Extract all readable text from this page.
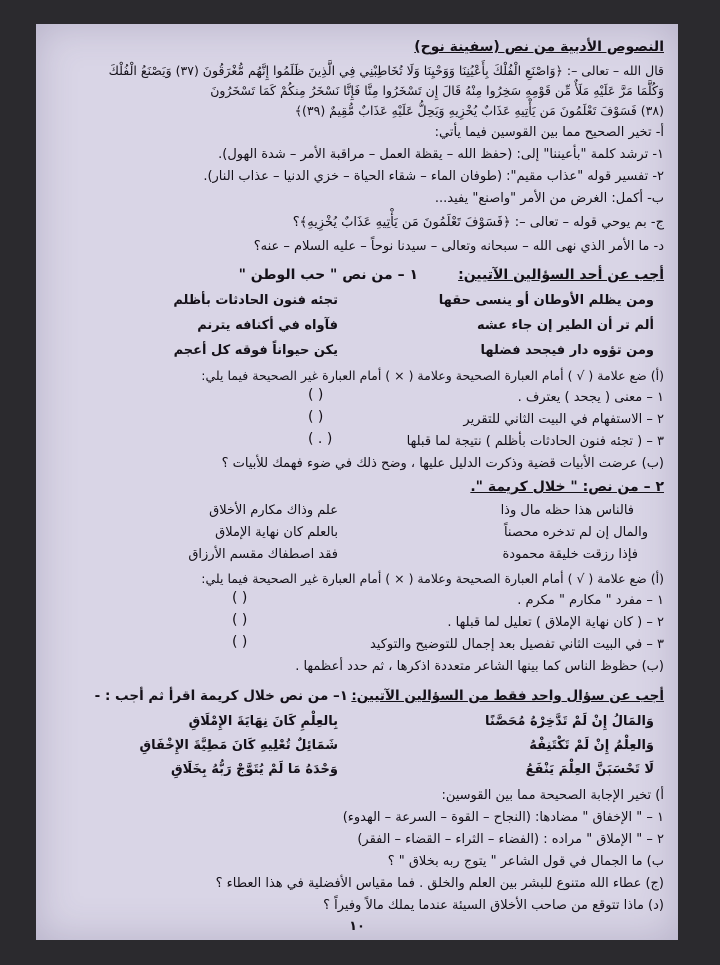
النصوص الأدبية من نص (سفينة نوح)
قال الله – تعالى –: ﴿وَاصْنَعِ الْفُلْكَ بِأَعْيُنِنَا وَوَحْيِنَا وَلَا تُخَاطِبْنِي فِي الَّذِينَ ظَلَمُوا إِنَّهُم مُّغْرَقُونَ (٣٧) وَيَصْنَعُ الْفُلْكَ
وَكُلَّمَا مَرَّ عَلَيْهِ مَلَأٌ مِّن قَوْمِهِ سَخِرُوا مِنْهُ قَالَ إِن تَسْخَرُوا مِنَّا فَإِنَّا نَسْخَرُ مِنكُمْ كَمَا تَسْخَرُونَ
(٣٨) فَسَوْفَ تَعْلَمُونَ مَن يَأْتِيهِ عَذَابٌ يُخْزِيهِ وَيَحِلُّ عَلَيْهِ عَذَابٌ مُّقِيمٌ (٣٩)﴾
أ- تخير الصحيح مما بين القوسين فيما يأتي:
١- ترشد كلمة "بأعيننا" إلى: (حفظ الله – يقظة العمل – مراقبة الأمر – شدة الهول).
٢- تفسير قوله "عذاب مقيم": (طوفان الماء – شقاء الحياة – خزي الدنيا – عذاب النار).
ب- أكمل: الغرض من الأمر "واصنع" يفيد...
ج- بم يوحي قوله – تعالى –: ﴿فَسَوْفَ تَعْلَمُونَ مَن يَأْتِيهِ عَذَابٌ يُخْزِيهِ﴾؟
د- ما الأمر الذي نهى الله – سبحانه وتعالى – سيدنا نوحاً – عليه السلام – عنه؟
أجب عن أحد السؤالين الآتيين:
١ – من نص " حب الوطن "
ومن يظلم الأوطان أو ينسى حقها
تجئه فنون الحادثات بأظلم
ألم تر أن الطير إن جاء عشه
فآواه في أكنافه يترنم
ومن تؤوه دار فيجحد فضلها
يكن حيواناً فوقه كل أعجم
(أ) ضع علامة ( √ ) أمام العبارة الصحيحة وعلامة ( × ) أمام العبارة غير الصحيحة فيما يلي:
١ – معنى ( يجحد ) يعترف .
( )
٢ – الاستفهام في البيت الثاني للتقرير
( )
٣ – ( تجئه فنون الحادثات بأظلم ) نتيجة لما قبلها
( . )
(ب) عرضت الأبيات قضية وذكرت الدليل عليها ، وضح ذلك في ضوء فهمك للأبيات ؟
٢ – من نص: " خلال كريمة ".
فالناس هذا حظه مال وذا
علم وذاك مكارم الأخلاق
والمال إن لم تدخره محصناً
بالعلم كان نهاية الإملاق
فإذا رزقت خليقة محمودة
فقد اصطفاك مقسم الأرزاق
(أ) ضع علامة ( √ ) أمام العبارة الصحيحة وعلامة ( × ) أمام العبارة غير الصحيحة فيما يلي:
١ – مفرد " مكارم " مكرم .
( )
٢ – ( كان نهاية الإملاق ) تعليل لما قبلها .
( )
٣ – في البيت الثاني تفصيل بعد إجمال للتوضيح والتوكيد
( )
(ب) حظوظ الناس كما بينها الشاعر متعددة اذكرها ، ثم حدد أعظمها .
أجب عن سؤال واحد فقط من السؤالين الآتيين:
١– من نص خلال كريمة اقرأ ثم أجب : -
وَالمَالُ إِنْ لَمْ تَدَّخِرْهُ مُحَصَّنًا
بِالعِلْمِ كَانَ نِهَايَةَ الإِمْلَاقِ
وَالعِلْمُ إِنْ لَمْ تَكْتَنِفْهُ
شَمَائِلٌ تُعْلِيهِ كَانَ مَطِيَّةَ الإِخْفَاقِ
لَا تَحْسَبَنَّ العِلْمَ يَنْفَعُ
وَحْدَهُ مَا لَمْ يُتَوَّجْ رَبُّهُ بِخَلَاقِ
أ) تخير الإجابة الصحيحة مما بين القوسين:
١ – " الإخفاق " مضادها: (النجاح – القوة – السرعة – الهدوء)
٢ – " الإملاق " مراده : (الفضاء – الثراء – القضاء – الفقر)
ب) ما الجمال في قول الشاعر " يتوج ربه بخلاق " ؟
(ج) عطاء الله متنوع للبشر بين العلم والخلق . فما مقياس الأفضلية في هذا العطاء ؟
(د) ماذا تتوقع من صاحب الأخلاق السيئة عندما يملك مالاً وفيراً ؟
١٠
